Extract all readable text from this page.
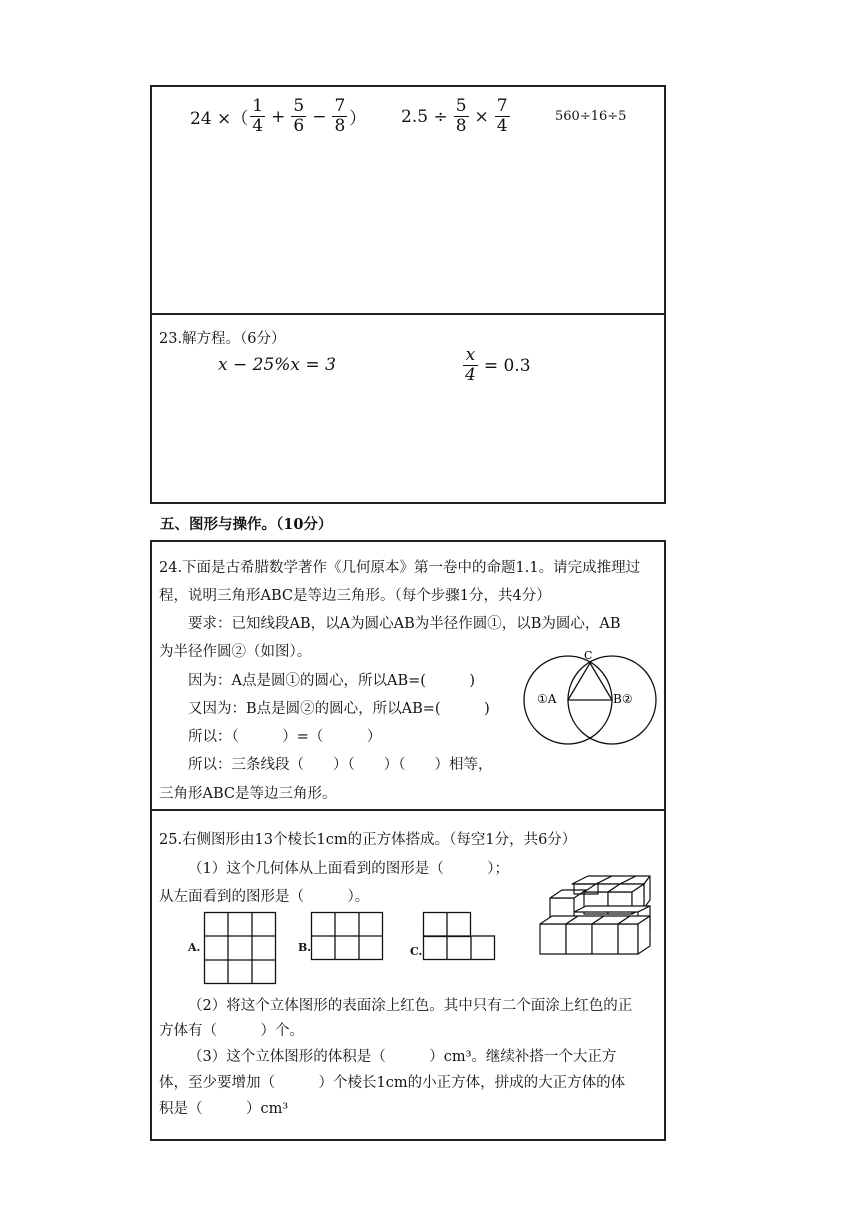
24 ×（ $\frac{1}{4} + \frac{5}{6} - \frac{7}{8}$ ） $2.5 \div \frac{5}{8} \times \frac{7}{4}$	560÷16÷5
23.解方程。（6分）
x − 25%x = 3	$\frac{x}{4} = 0.3$
五、图形与操作。（10分）
24.下面是古希腊数学著作《几何原本》第一卷中的命题1.1。请完成推理过
程，说明三角形ABC是等边三角形。（每个步骤1分，共4分）
要求：已知线段AB，以A为圆心AB为半径作圆①，以B为圆心，AB
为半径作圆②（如图）。
因为：A点是圆①的圆心，所以AB=(　　　)
又因为：B点是圆②的圆心，所以AB=(　　　)
所以：（　　　）=（　　　）
所以：三条线段（　　）（　　）（　　）相等，
三角形ABC是等边三角形。
C
①A	B②
25.右侧图形由13个棱长1cm的正方体搭成。（每空1分，共6分）
（1）这个几何体从上面看到的图形是（　　　）；
从左面看到的图形是（　　　）。
A.	B.	C.
（2）将这个立体图形的表面涂上红色。其中只有二个面涂上红色的正
方体有（　　　）个。
（3）这个立体图形的体积是（　　　）cm³。继续补搭一个大正方
体，至少要增加（　　　）个棱长1cm的小正方体，拼成的大正方体的体
积是（　　　）cm³
